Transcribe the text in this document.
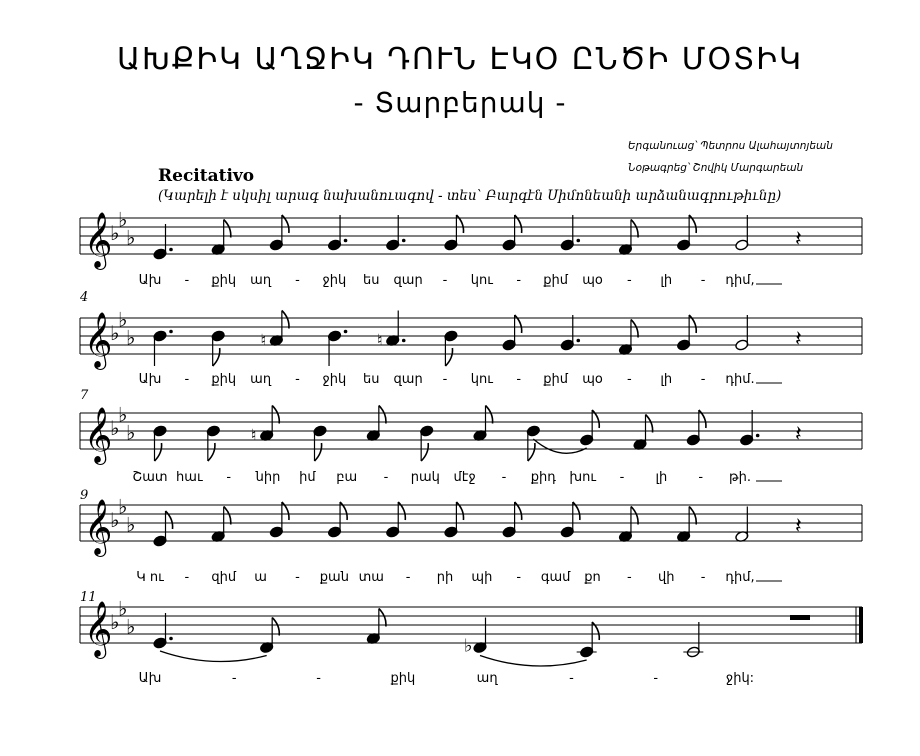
ԱԽՔԻԿ ԱՂՋԻԿ ԴՈՒՆ ԷԿՕ ԸՆԾԻ ՄՕՏԻԿ
- Տարբերակ -
Երգանուաց՝ Պետրոս Ալահայտոյեան
Նօթագրեց՝ Շովիկ Մարգարեան
Recitativo
(Կարելի է սկսիլ արագ նախանուագով - տես՝ Բարգէն Սիմոնեանի արձանագրութիւնը)
4
7
9
11
𝄞
♭
♭
♭	𝄽
Ախ - քիկ աղ - ջիկ ես զար - կու - քիմ պօ - լի - դիմ,
𝄞
♭
♭
♭	♮	♮	𝄽
Ախ - քիկ աղ - ջիկ ես զար - կու - քիմ պօ - լի - դիմ.
𝄞
♭
♭
♭	♮	𝄽
Շատ հաւ - նիր իմ բա - րակ մէջ - քիդ խու - լի - թի.
𝄞
♭
♭
♭	𝄽
Կ ու - զիմ ա - քան տա - րի պի - գամ քո - վի - դիմ,
𝄞
♭
♭
♭
♭
Ախ	-	-	քիկ	աղ	-	-	ջիկ:
